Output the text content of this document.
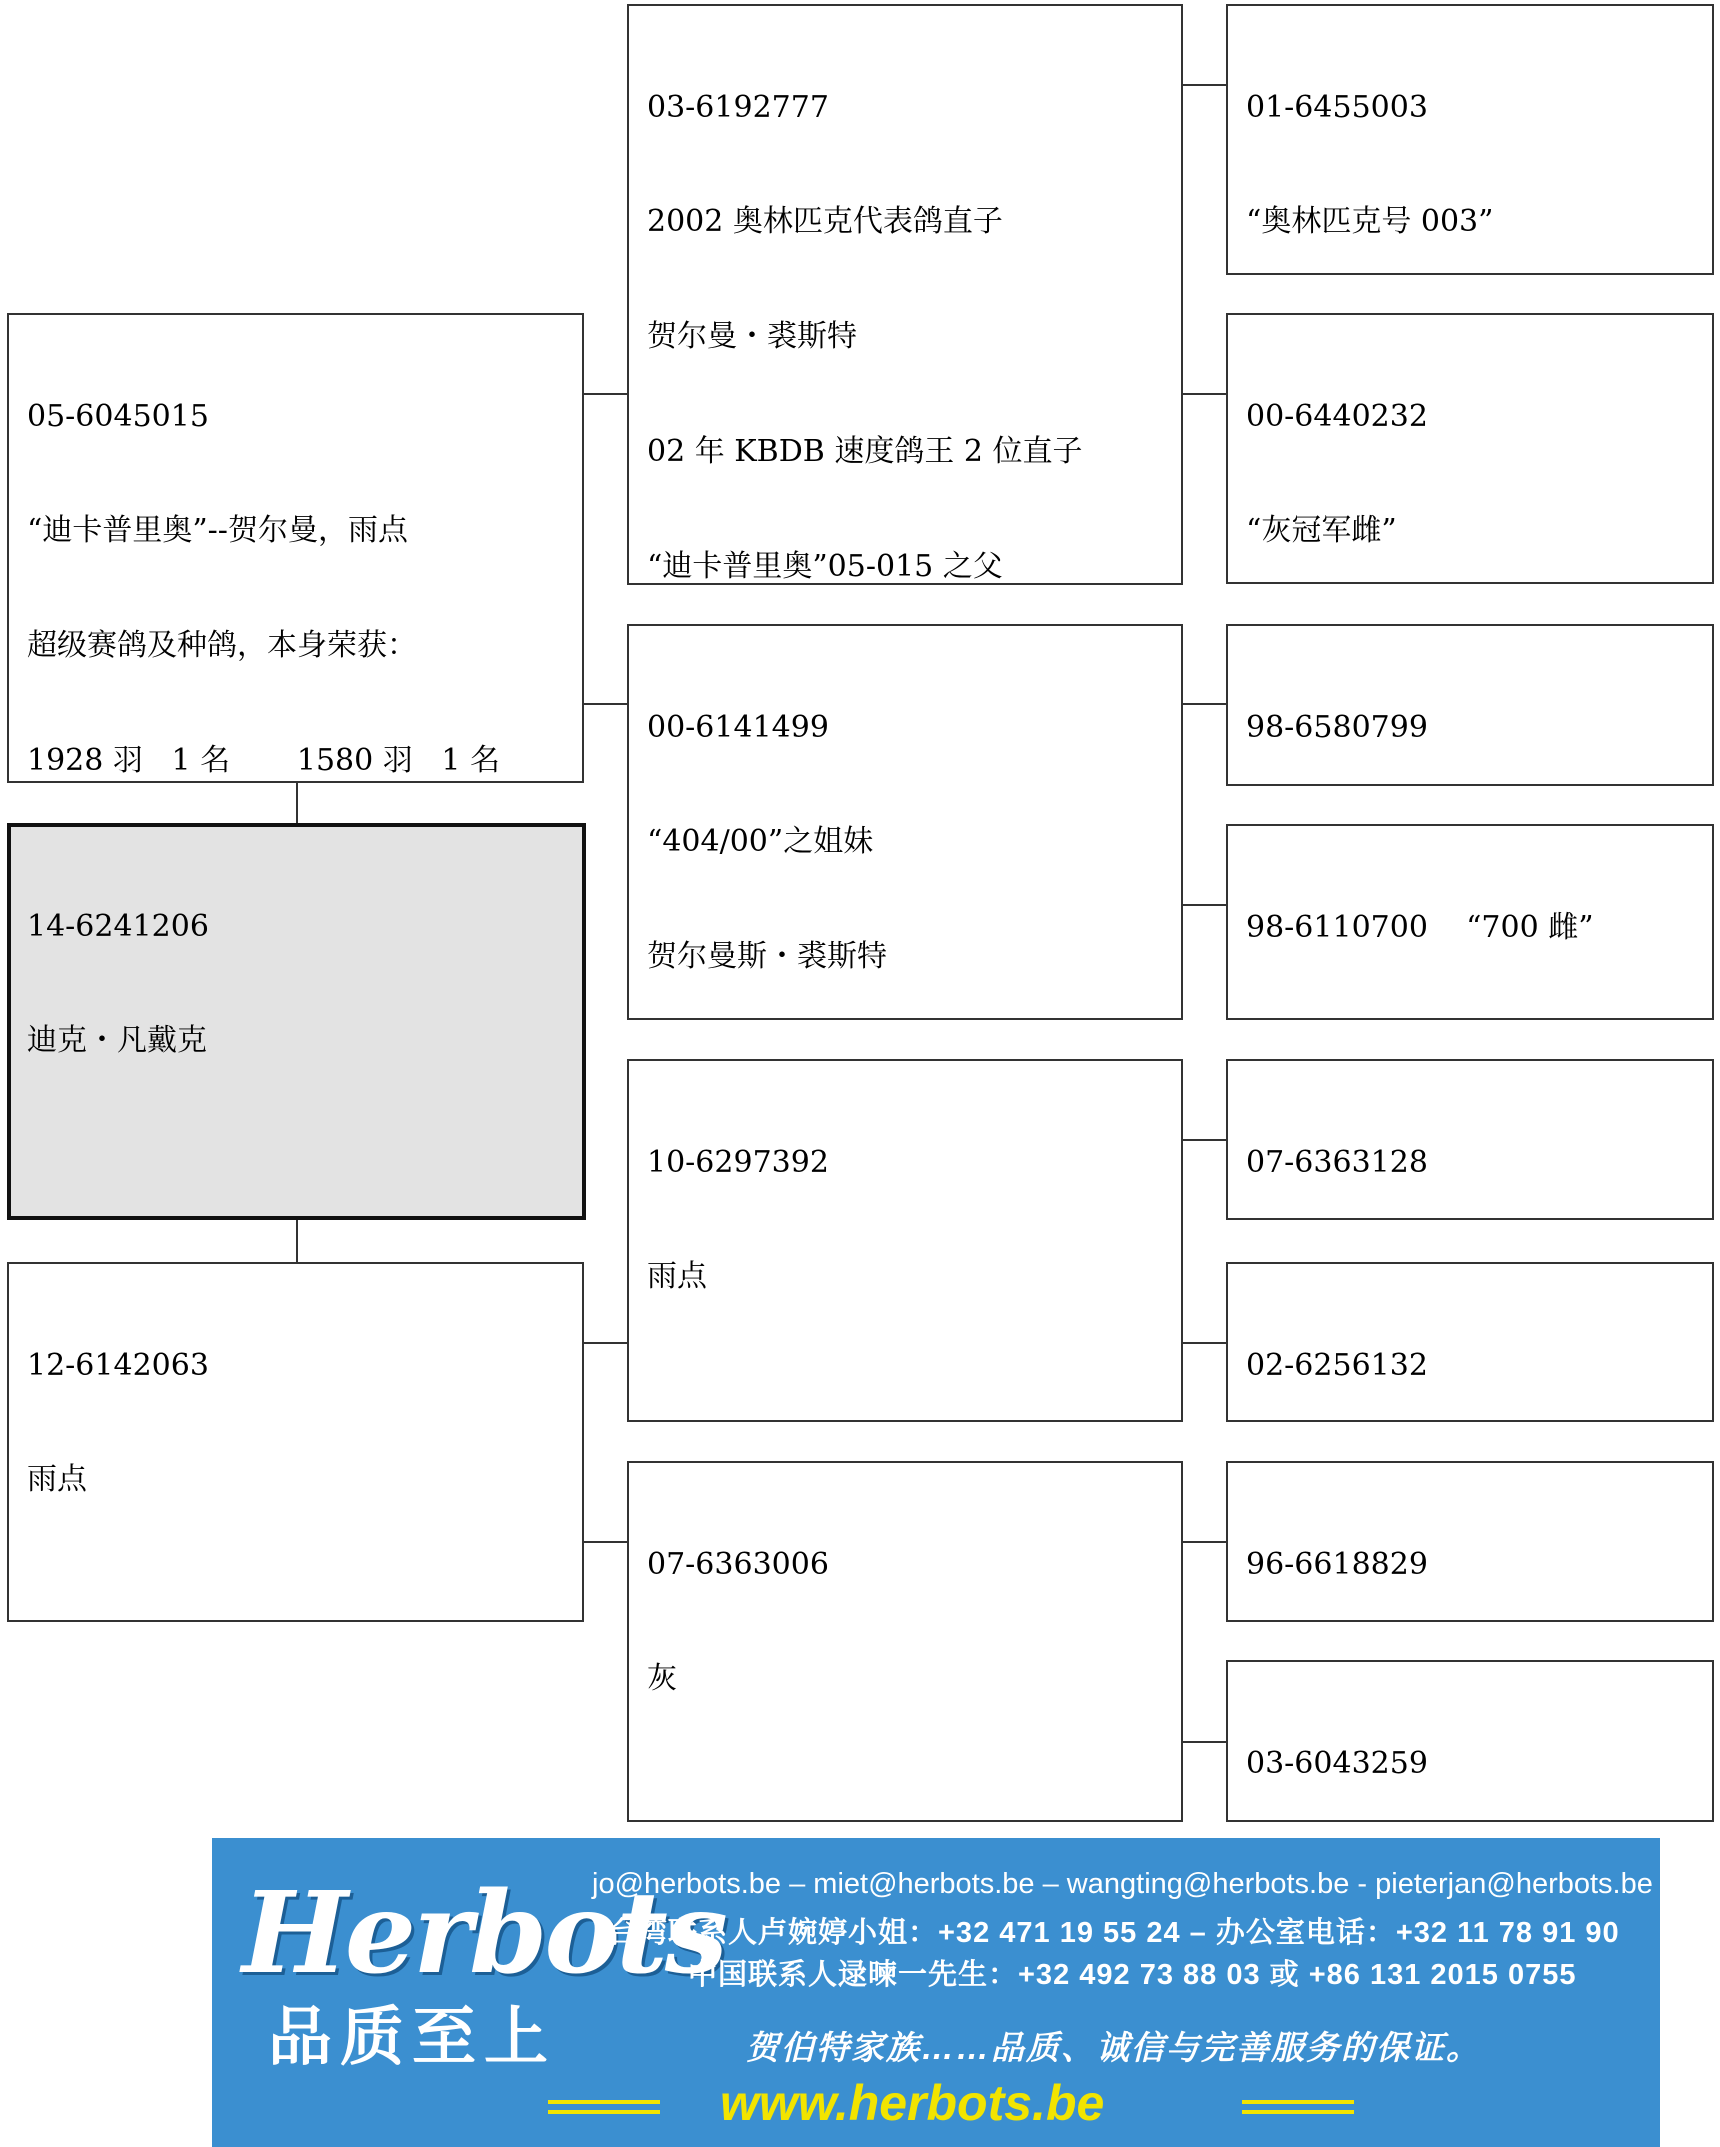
14-6241206

迪克・凡戴克

05-6045015

“迪卡普里奥”--贺尔曼，雨点

超级赛鸽及种鸽，本身荣获：

1928 羽   1 名       1580 羽   1 名

12-6142063

雨点

03-6192777

2002 奥林匹克代表鸽直子

贺尔曼・裘斯特

02 年 KBDB 速度鸽王 2 位直子

“迪卡普里奥”05-015 之父

00-6141499

“404/00”之姐妹

贺尔曼斯・裘斯特

10-6297392

雨点

07-6363006

灰

01-6455003

“奥林匹克号 003”

00-6440232

“灰冠军雌”

98-6580799

98-6110700    “700 雌”

07-6363128

02-6256132

96-6618829

03-6043259

Herbots
品质至上
jo@herbots.be – miet@herbots.be – wangting@herbots.be - pieterjan@herbots.be
台湾联系人卢婉婷小姐：+32 471 19 55 24 – 办公室电话：+32 11 78 91 90
中国联系人逯暕一先生：+32 492 73 88 03 或 +86 131 2015 0755
贺伯特家族……品质、诚信与完善服务的保证。
www.herbots.be
